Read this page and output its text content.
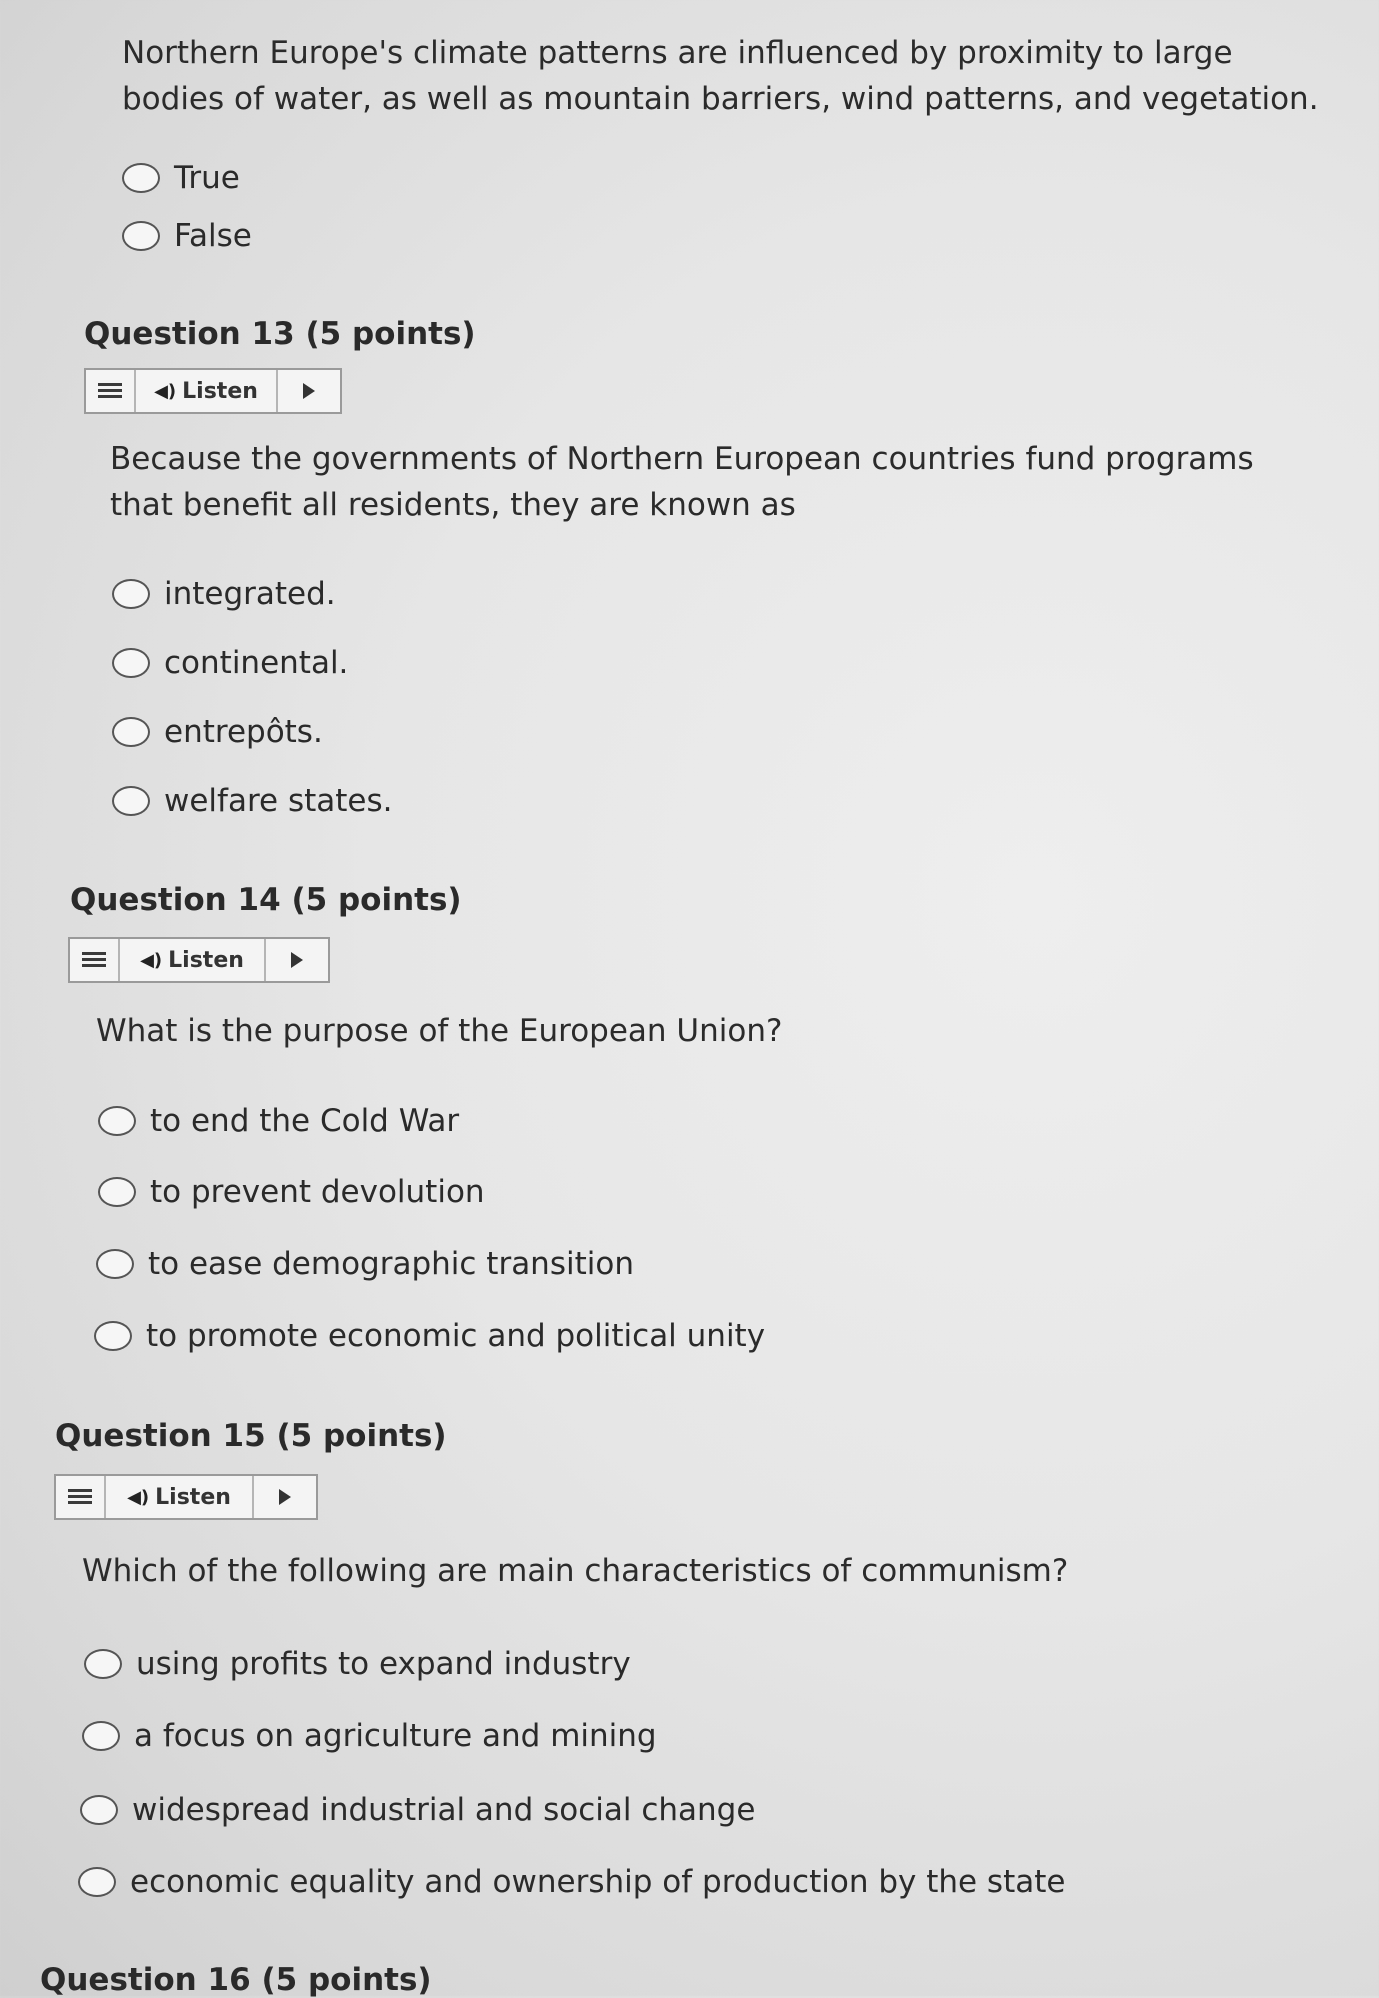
Northern Europe's climate patterns are influenced by proximity to large bodies of water, as well as mountain barriers, wind patterns, and vegetation.

True
False

Question 13 (5 points)

◀) Listen

Because the governments of Northern European countries fund programs that benefit all residents, they are known as

integrated.
continental.
entrepôts.
welfare states.

Question 14 (5 points)

◀) Listen

What is the purpose of the European Union?

to end the Cold War
to prevent devolution
to ease demographic transition
to promote economic and political unity

Question 15 (5 points)

◀) Listen

Which of the following are main characteristics of communism?

using profits to expand industry
a focus on agriculture and mining
widespread industrial and social change
economic equality and ownership of production by the state

Question 16 (5 points)
